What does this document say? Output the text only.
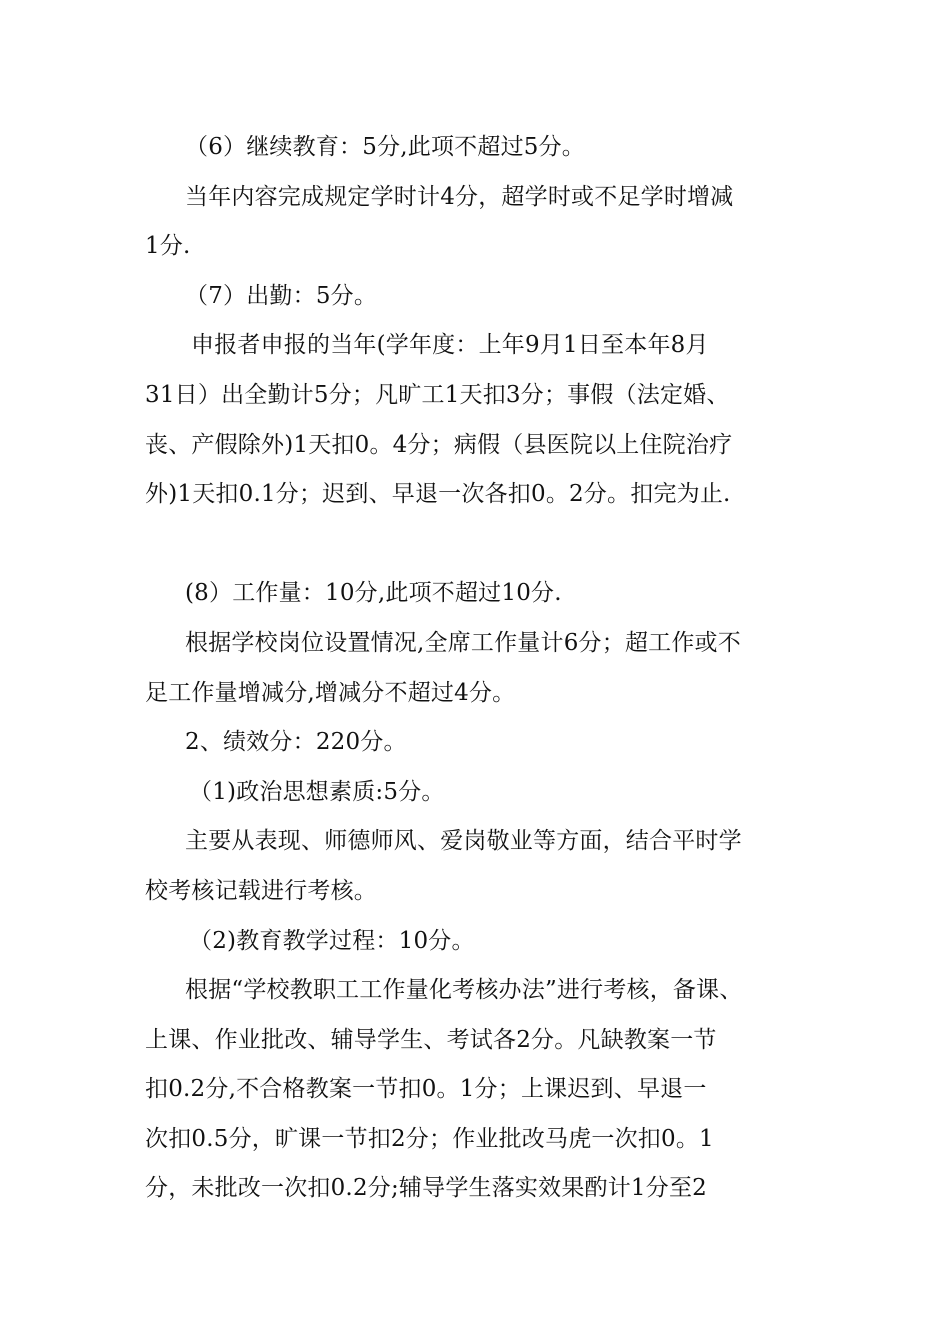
（6）继续教育：5分,此项不超过5分。
当年内容完成规定学时计4分，超学时或不足学时增减
1分.
（7）出勤：5分。
申报者申报的当年(学年度：上年9月1日至本年8月
31日）出全勤计5分；凡旷工1天扣3分；事假（法定婚、
丧、产假除外)1天扣0。4分；病假（县医院以上住院治疗
外)1天扣0.1分；迟到、早退一次各扣0。2分。扣完为止.
(8）工作量：10分,此项不超过10分.
根据学校岗位设置情况,全席工作量计6分；超工作或不
足工作量增减分,增减分不超过4分。
2、绩效分：220分。
（1)政治思想素质:5分。
主要从表现、师德师风、爱岗敬业等方面，结合平时学
校考核记载进行考核。
（2)教育教学过程：10分。
根据“学校教职工工作量化考核办法”进行考核，备课、
上课、作业批改、辅导学生、考试各2分。凡缺教案一节
扣0.2分,不合格教案一节扣0。1分；上课迟到、早退一
次扣0.5分，旷课一节扣2分；作业批改马虎一次扣0。1
分，未批改一次扣0.2分;辅导学生落实效果酌计1分至2
